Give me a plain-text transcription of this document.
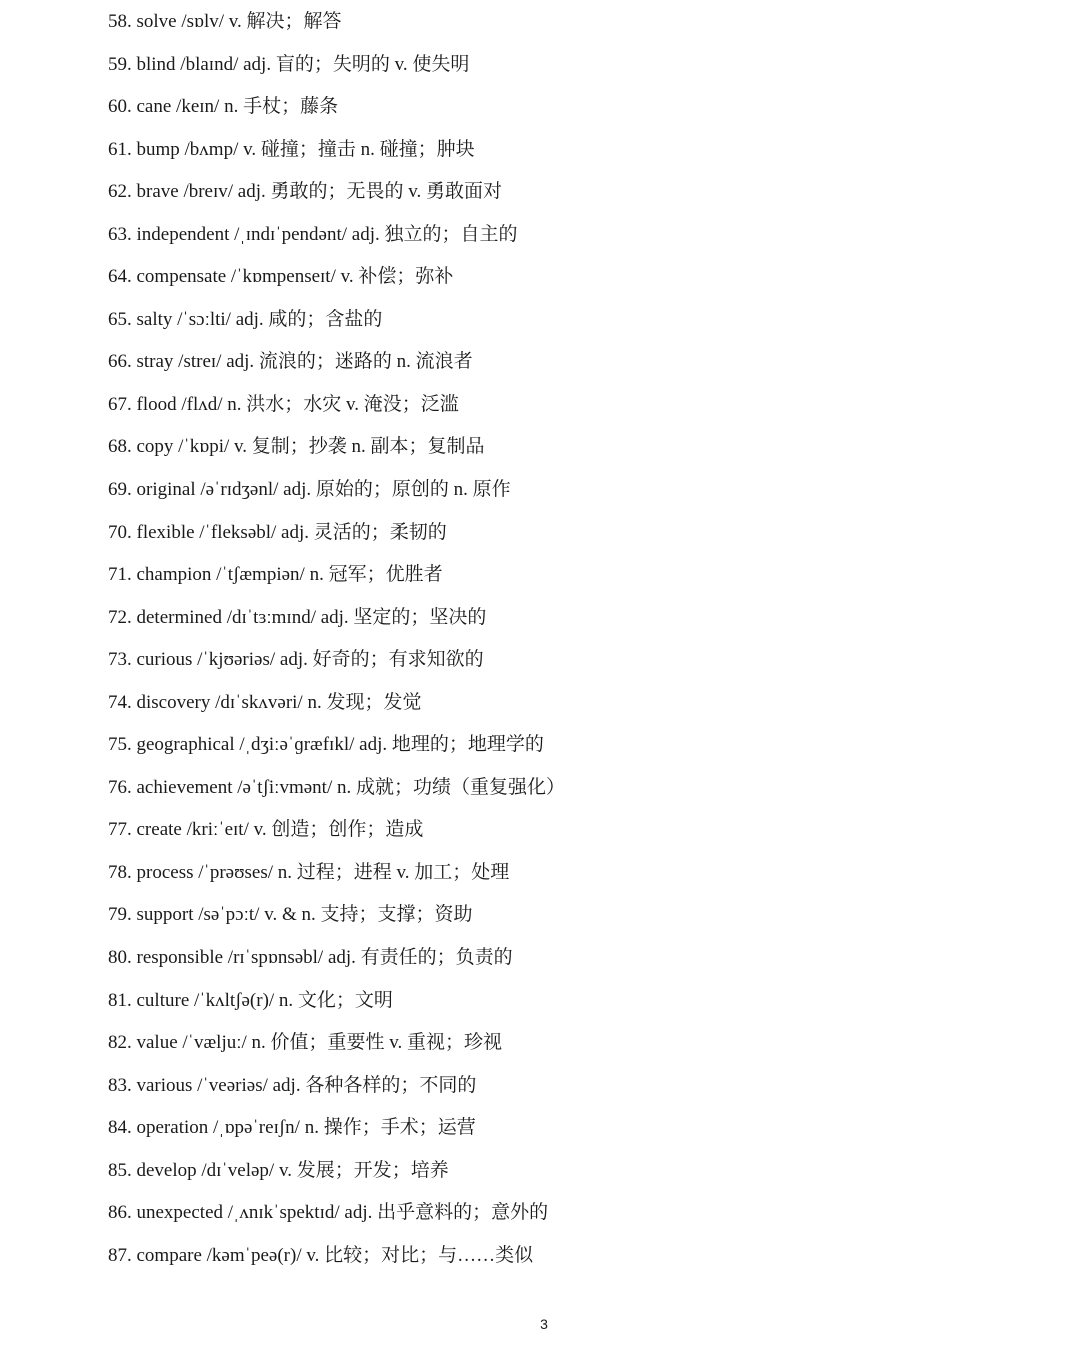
58. solve /sɒlv/ v. 解决；解答
59. blind /blaɪnd/ adj. 盲的；失明的 v. 使失明
60. cane /keɪn/ n. 手杖；藤条
61. bump /bʌmp/ v. 碰撞；撞击 n. 碰撞；肿块
62. brave /breɪv/ adj. 勇敢的；无畏的 v. 勇敢面对
63. independent /ˌɪndɪˈpendənt/ adj. 独立的；自主的
64. compensate /ˈkɒmpenseɪt/ v. 补偿；弥补
65. salty /ˈsɔːlti/ adj. 咸的；含盐的
66. stray /streɪ/ adj. 流浪的；迷路的 n. 流浪者
67. flood /flʌd/ n. 洪水；水灾 v. 淹没；泛滥
68. copy /ˈkɒpi/ v. 复制；抄袭 n. 副本；复制品
69. original /əˈrɪdʒənl/ adj. 原始的；原创的 n. 原作
70. flexible /ˈfleksəbl/ adj. 灵活的；柔韧的
71. champion /ˈtʃæmpiən/ n. 冠军；优胜者
72. determined /dɪˈtɜːmɪnd/ adj. 坚定的；坚决的
73. curious /ˈkjʊəriəs/ adj. 好奇的；有求知欲的
74. discovery /dɪˈskʌvəri/ n. 发现；发觉
75. geographical /ˌdʒiːəˈɡræfɪkl/ adj. 地理的；地理学的
76. achievement /əˈtʃiːvmənt/ n. 成就；功绩（重复强化）
77. create /kriːˈeɪt/ v. 创造；创作；造成
78. process /ˈprəʊses/ n. 过程；进程 v. 加工；处理
79. support /səˈpɔːt/ v. & n. 支持；支撑；资助
80. responsible /rɪˈspɒnsəbl/ adj. 有责任的；负责的
81. culture /ˈkʌltʃə(r)/ n. 文化；文明
82. value /ˈvæljuː/ n. 价值；重要性 v. 重视；珍视
83. various /ˈveəriəs/ adj. 各种各样的；不同的
84. operation /ˌɒpəˈreɪʃn/ n. 操作；手术；运营
85. develop /dɪˈveləp/ v. 发展；开发；培养
86. unexpected /ˌʌnɪkˈspektɪd/ adj. 出乎意料的；意外的
87. compare /kəmˈpeə(r)/ v. 比较；对比；与……类似
3
